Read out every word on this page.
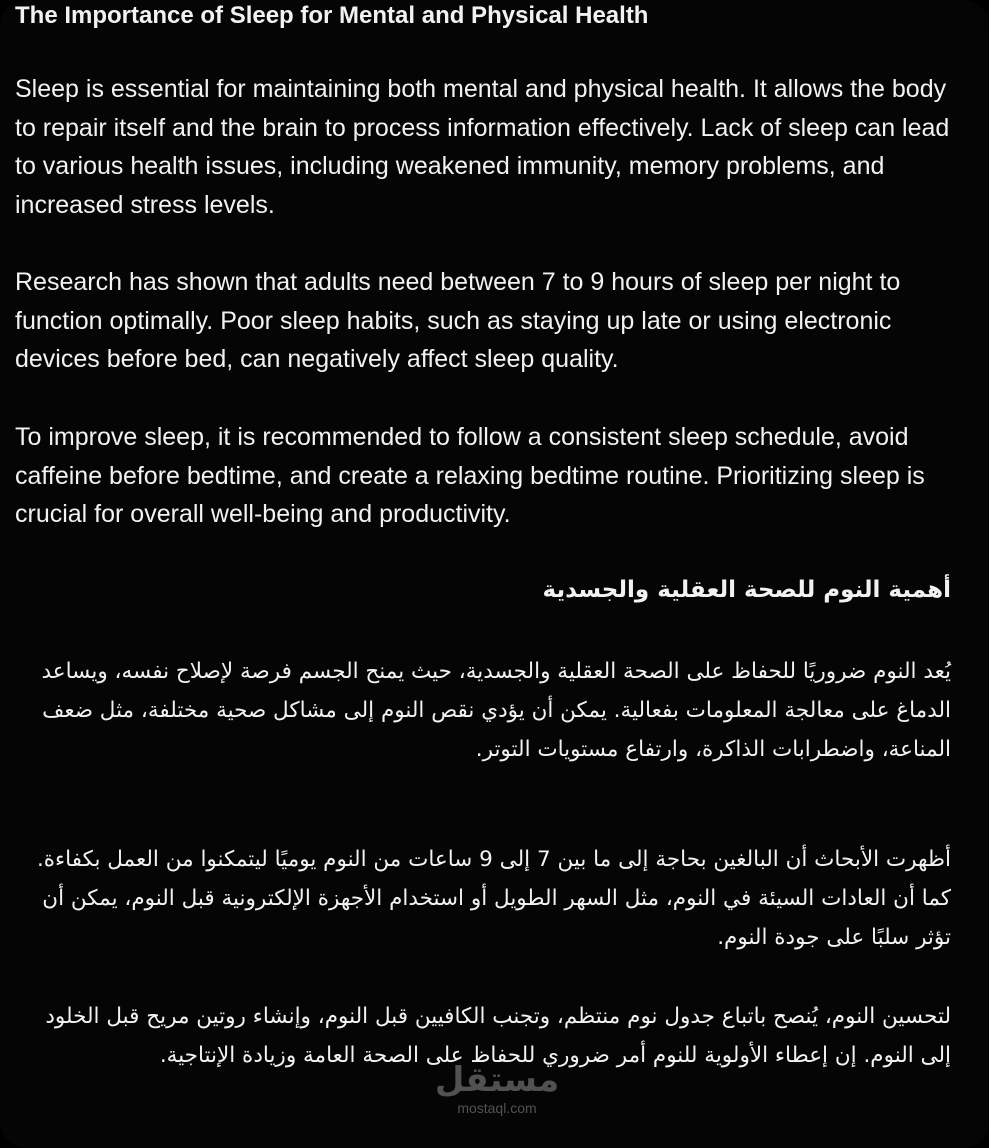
The Importance of Sleep for Mental and Physical Health

Sleep is essential for maintaining both mental and physical health. It allows the body to repair itself and the brain to process information effectively. Lack of sleep can lead to various health issues, including weakened immunity, memory problems, and increased stress levels.

Research has shown that adults need between 7 to 9 hours of sleep per night to function optimally. Poor sleep habits, such as staying up late or using electronic devices before bed, can negatively affect sleep quality.

To improve sleep, it is recommended to follow a consistent sleep schedule, avoid caffeine before bedtime, and create a relaxing bedtime routine. Prioritizing sleep is crucial for overall well-being and productivity.

أهمية النوم للصحة العقلية والجسدية

يُعد النوم ضروريًا للحفاظ على الصحة العقلية والجسدية، حيث يمنح الجسم فرصة لإصلاح نفسه، ويساعد الدماغ على معالجة المعلومات بفعالية. يمكن أن يؤدي نقص النوم إلى مشاكل صحية مختلفة، مثل ضعف المناعة، واضطرابات الذاكرة، وارتفاع مستويات التوتر.

أظهرت الأبحاث أن البالغين بحاجة إلى ما بين 7 إلى 9 ساعات من النوم يوميًا ليتمكنوا من العمل بكفاءة. كما أن العادات السيئة في النوم، مثل السهر الطويل أو استخدام الأجهزة الإلكترونية قبل النوم، يمكن أن تؤثر سلبًا على جودة النوم.

لتحسين النوم، يُنصح باتباع جدول نوم منتظم، وتجنب الكافيين قبل النوم، وإنشاء روتين مريح قبل الخلود إلى النوم. إن إعطاء الأولوية للنوم أمر ضروري للحفاظ على الصحة العامة وزيادة الإنتاجية.

مستقل
mostaql.com
